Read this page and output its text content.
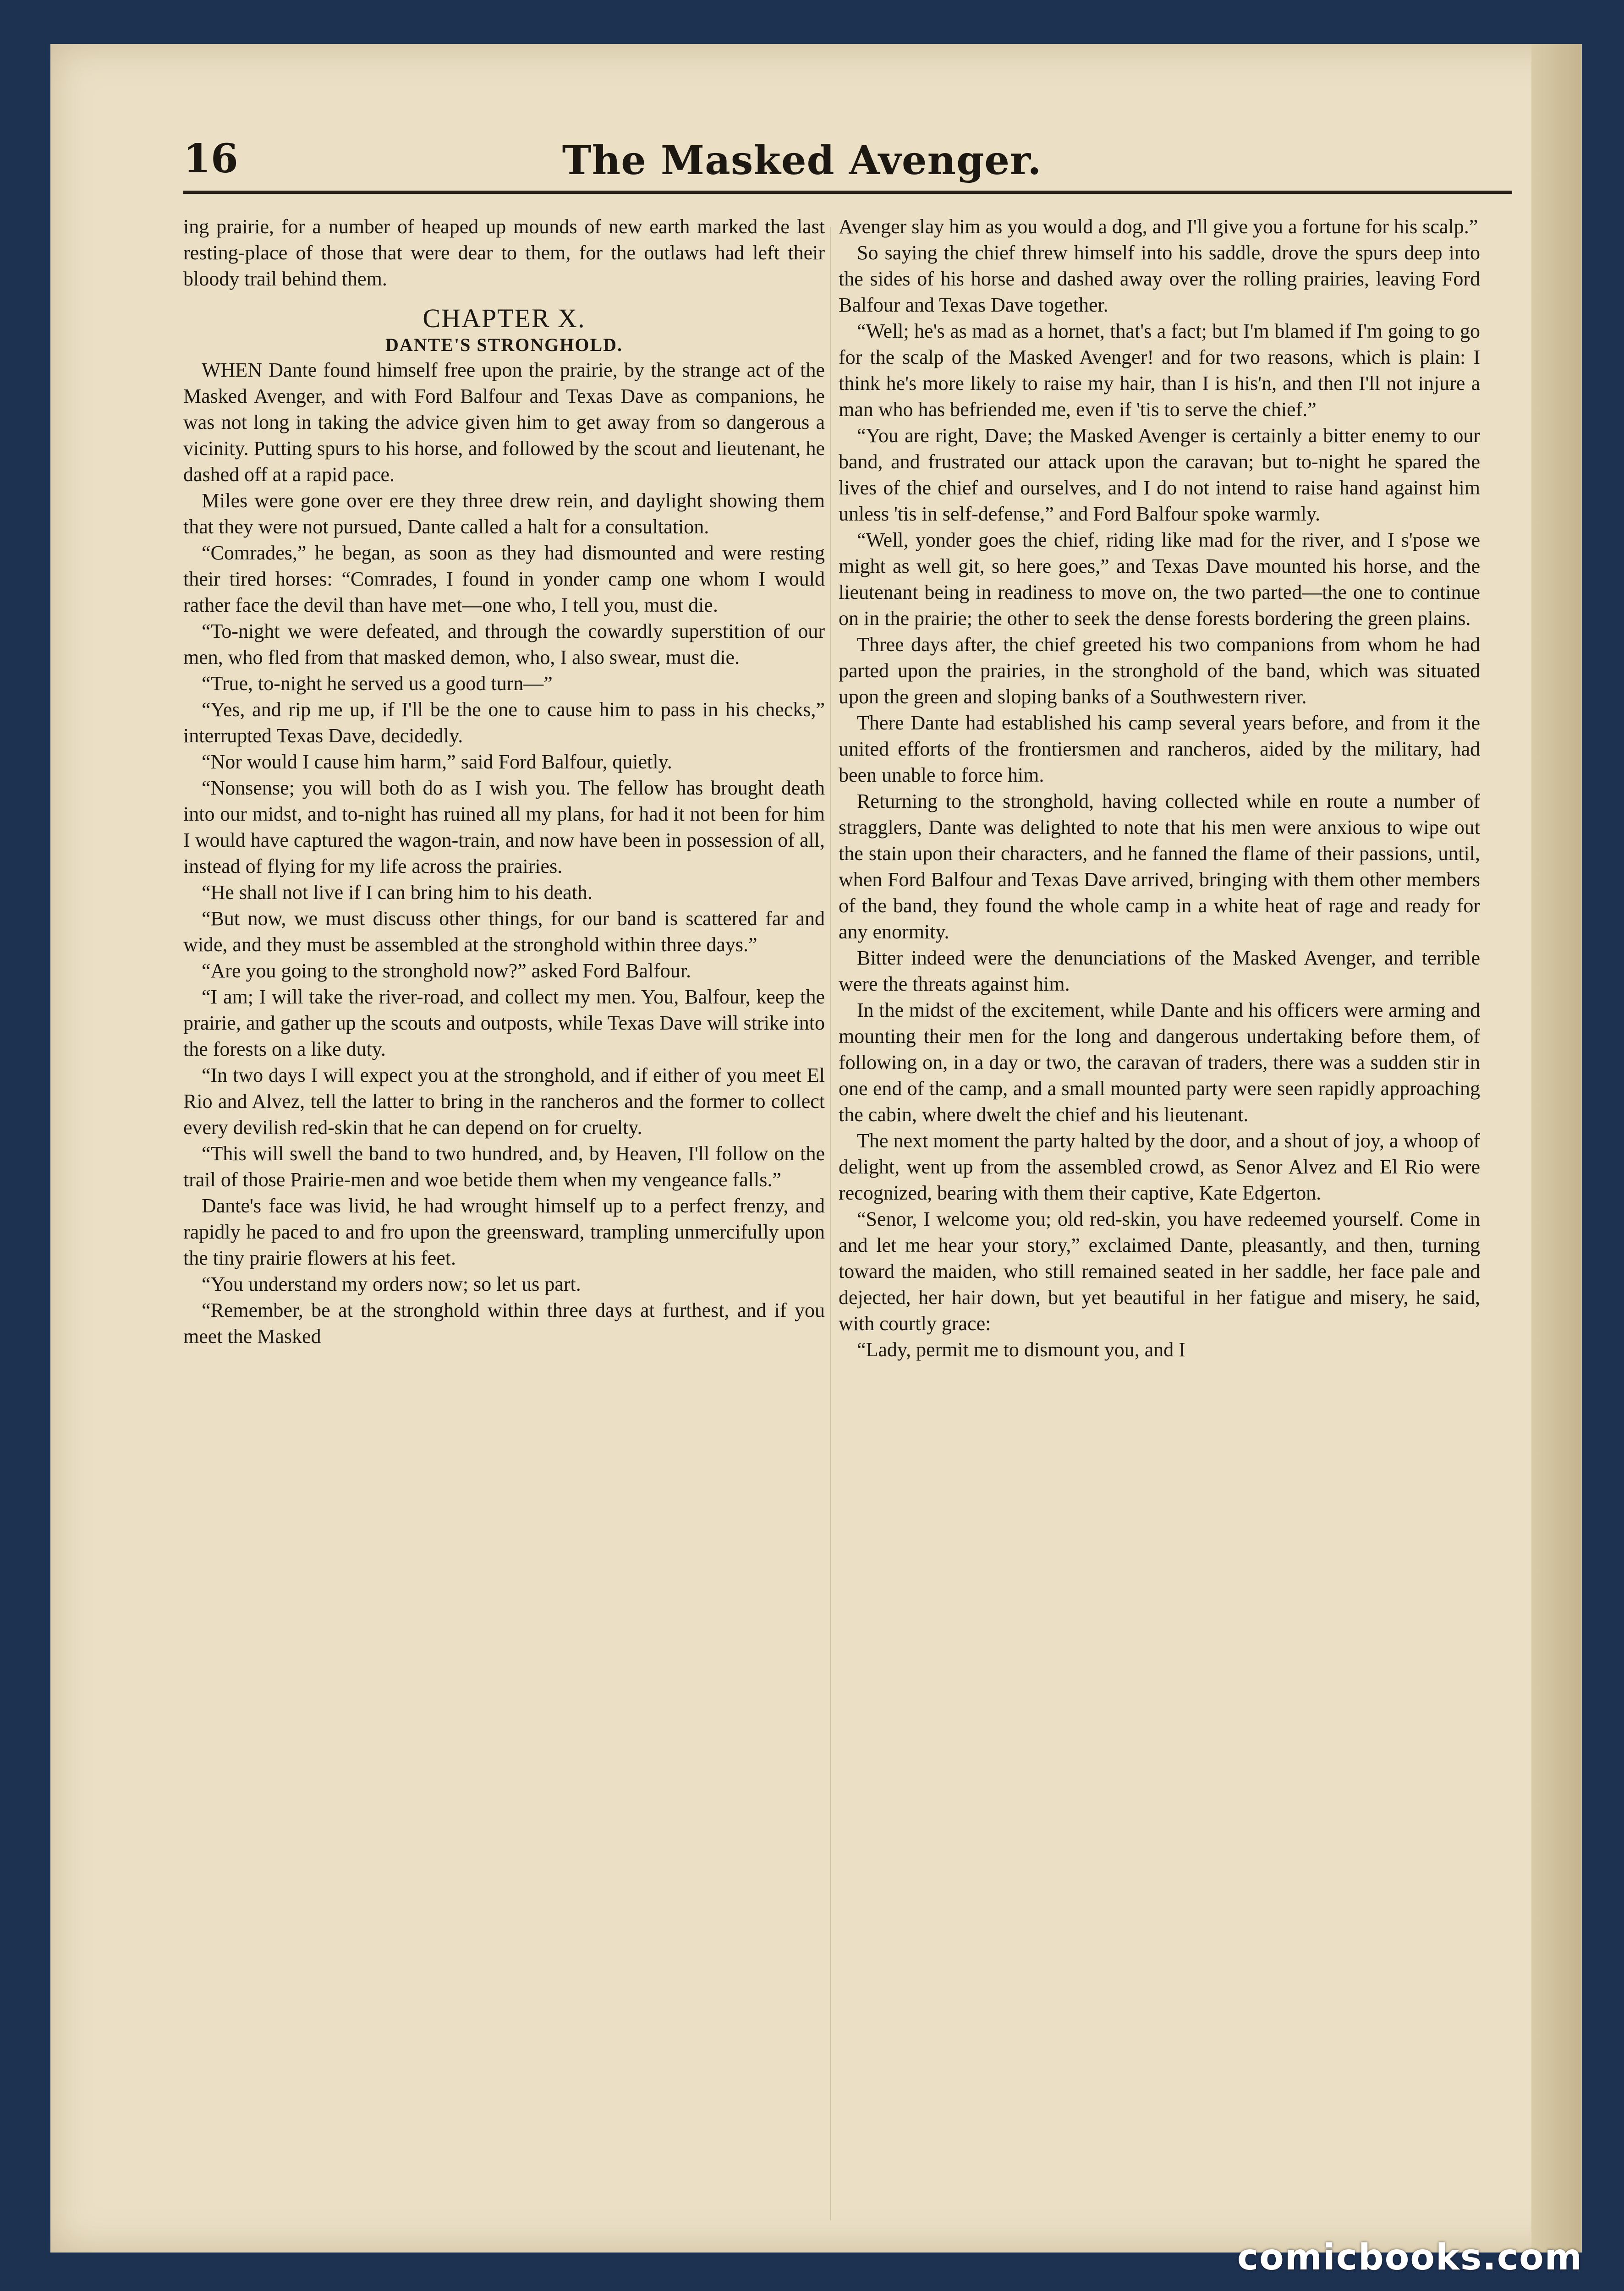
16	The Masked Avenger.

ing prairie, for a number of heaped up mounds of new earth marked the last resting-place of those that were dear to them, for the outlaws had left their bloody trail behind them.

CHAPTER X.
DANTE'S STRONGHOLD.

WHEN Dante found himself free upon the prairie, by the strange act of the Masked Avenger, and with Ford Balfour and Texas Dave as companions, he was not long in taking the advice given him to get away from so dangerous a vicinity. Putting spurs to his horse, and followed by the scout and lieutenant, he dashed off at a rapid pace.

Miles were gone over ere they three drew rein, and daylight showing them that they were not pursued, Dante called a halt for a consultation.

“Comrades,” he began, as soon as they had dismounted and were resting their tired horses: “Comrades, I found in yonder camp one whom I would rather face the devil than have met—one who, I tell you, must die.

“To-night we were defeated, and through the cowardly superstition of our men, who fled from that masked demon, who, I also swear, must die.

“True, to-night he served us a good turn—”

“Yes, and rip me up, if I'll be the one to cause him to pass in his checks,” interrupted Texas Dave, decidedly.

“Nor would I cause him harm,” said Ford Balfour, quietly.

“Nonsense; you will both do as I wish you. The fellow has brought death into our midst, and to-night has ruined all my plans, for had it not been for him I would have captured the wagon-train, and now have been in possession of all, instead of flying for my life across the prairies.

“He shall not live if I can bring him to his death.

“But now, we must discuss other things, for our band is scattered far and wide, and they must be assembled at the stronghold within three days.”

“Are you going to the stronghold now?” asked Ford Balfour.

“I am; I will take the river-road, and collect my men. You, Balfour, keep the prairie, and gather up the scouts and outposts, while Texas Dave will strike into the forests on a like duty.

“In two days I will expect you at the stronghold, and if either of you meet El Rio and Alvez, tell the latter to bring in the rancheros and the former to collect every devilish red-skin that he can depend on for cruelty.

“This will swell the band to two hundred, and, by Heaven, I'll follow on the trail of those Prairie-men and woe betide them when my vengeance falls.”

Dante's face was livid, he had wrought himself up to a perfect frenzy, and rapidly he paced to and fro upon the greensward, trampling unmercifully upon the tiny prairie flowers at his feet.

“You understand my orders now; so let us part.

“Remember, be at the stronghold within three days at furthest, and if you meet the Masked

Avenger slay him as you would a dog, and I'll give you a fortune for his scalp.”

So saying the chief threw himself into his saddle, drove the spurs deep into the sides of his horse and dashed away over the rolling prairies, leaving Ford Balfour and Texas Dave together.

“Well; he's as mad as a hornet, that's a fact; but I'm blamed if I'm going to go for the scalp of the Masked Avenger! and for two reasons, which is plain: I think he's more likely to raise my hair, than I is his'n, and then I'll not injure a man who has befriended me, even if 'tis to serve the chief.”

“You are right, Dave; the Masked Avenger is certainly a bitter enemy to our band, and frustrated our attack upon the caravan; but to-night he spared the lives of the chief and ourselves, and I do not intend to raise hand against him unless 'tis in self-defense,” and Ford Balfour spoke warmly.

“Well, yonder goes the chief, riding like mad for the river, and I s'pose we might as well git, so here goes,” and Texas Dave mounted his horse, and the lieutenant being in readiness to move on, the two parted—the one to continue on in the prairie; the other to seek the dense forests bordering the green plains.

Three days after, the chief greeted his two companions from whom he had parted upon the prairies, in the stronghold of the band, which was situated upon the green and sloping banks of a Southwestern river.

There Dante had established his camp several years before, and from it the united efforts of the frontiersmen and rancheros, aided by the military, had been unable to force him.

Returning to the stronghold, having collected while en route a number of stragglers, Dante was delighted to note that his men were anxious to wipe out the stain upon their characters, and he fanned the flame of their passions, until, when Ford Balfour and Texas Dave arrived, bringing with them other members of the band, they found the whole camp in a white heat of rage and ready for any enormity.

Bitter indeed were the denunciations of the Masked Avenger, and terrible were the threats against him.

In the midst of the excitement, while Dante and his officers were arming and mounting their men for the long and dangerous undertaking before them, of following on, in a day or two, the caravan of traders, there was a sudden stir in one end of the camp, and a small mounted party were seen rapidly approaching the cabin, where dwelt the chief and his lieutenant.

The next moment the party halted by the door, and a shout of joy, a whoop of delight, went up from the assembled crowd, as Senor Alvez and El Rio were recognized, bearing with them their captive, Kate Edgerton.

“Senor, I welcome you; old red-skin, you have redeemed yourself. Come in and let me hear your story,” exclaimed Dante, pleasantly, and then, turning toward the maiden, who still remained seated in her saddle, her face pale and dejected, her hair down, but yet beautiful in her fatigue and misery, he said, with courtly grace:

“Lady, permit me to dismount you, and I

comicbooks.com
